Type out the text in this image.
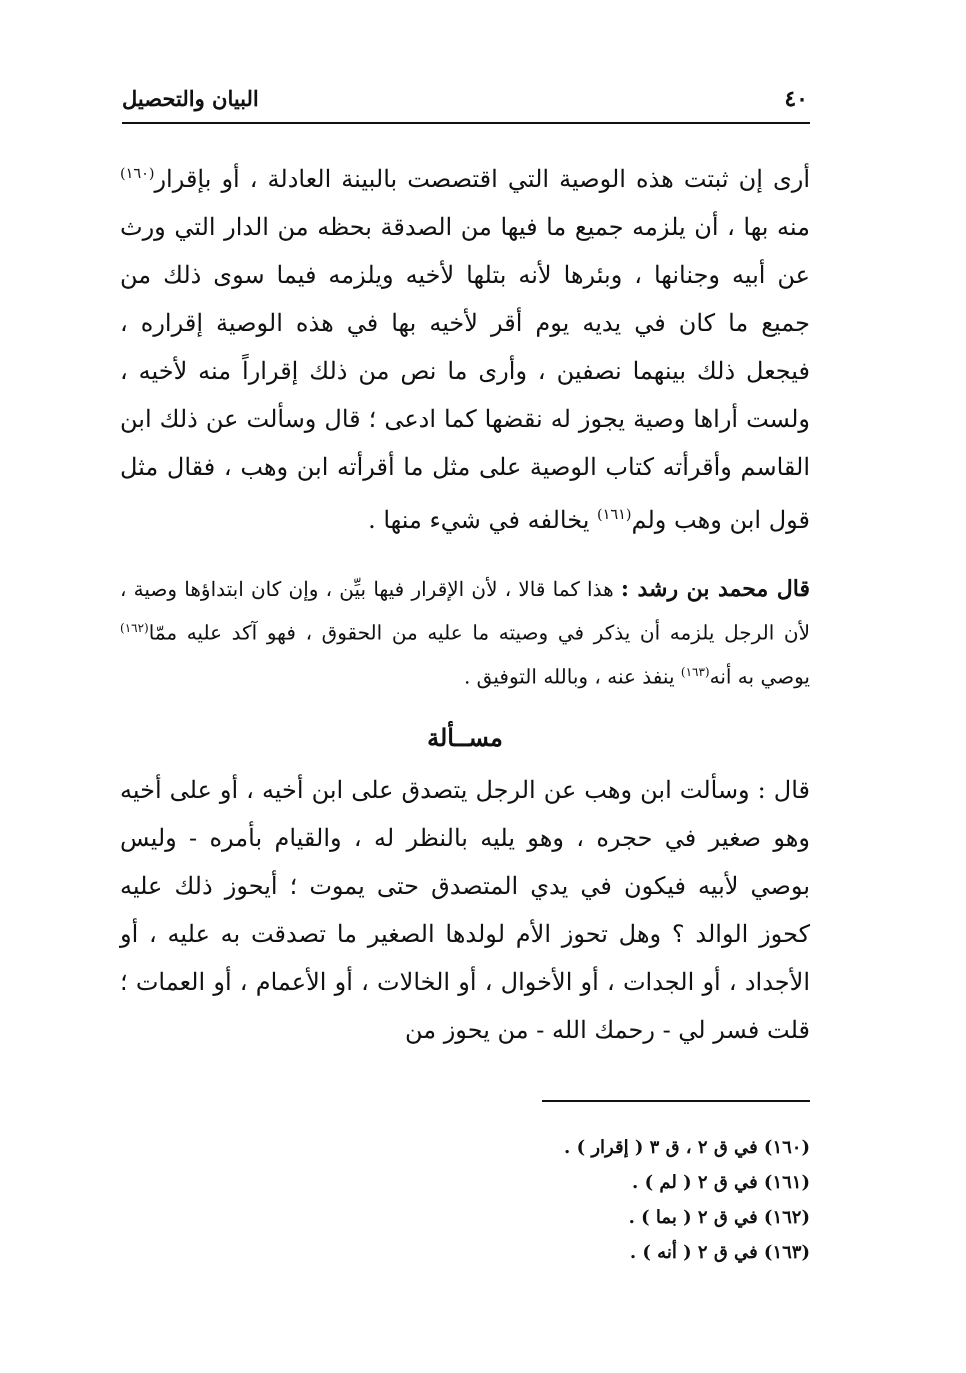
البيان والتحصيل	٤٠

أرى إن ثبتت هذه الوصية التي اقتصصت بالبينة العادلة ، أو بإقرار$^{(١٦٠)}$ منه بها ، أن يلزمه جميع ما فيها من الصدقة بحظه من الدار التي ورث عن أبيه وجنانها ، وبئرها لأنه بتلها لأخيه ويلزمه فيما سوى ذلك من جميع ما كان في يديه يوم أقر لأخيه بها في هذه الوصية إقراره ، فيجعل ذلك بينهما نصفين ، وأرى ما نص من ذلك إقراراً منه لأخيه ، ولست أراها وصية يجوز له نقضها كما ادعى ؛ قال وسألت عن ذلك ابن القاسم وأقرأته كتاب الوصية على مثل ما أقرأته ابن وهب ، فقال مثل قول ابن وهب ولم$^{(١٦١)}$ يخالفه في شيء منها .

قال محمد بن رشد : هذا كما قالا ، لأن الإقرار فيها بيِّن ، وإن كان ابتداؤها وصية ، لأن الرجل يلزمه أن يذكر في وصيته ما عليه من الحقوق ، فهو آكد عليه ممّا$^{(١٦٢)}$ يوصي به أنه$^{(١٦٣)}$ ينفذ عنه ، وبالله التوفيق .

مســألة

قال : وسألت ابن وهب عن الرجل يتصدق على ابن أخيه ، أو على أخيه وهو صغير في حجره ، وهو يليه بالنظر له ، والقيام بأمره - وليس بوصي لأبيه فيكون في يدي المتصدق حتى يموت ؛ أيحوز ذلك عليه كحوز الوالد ؟ وهل تحوز الأم لولدها الصغير ما تصدقت به عليه ، أو الأجداد ، أو الجدات ، أو الأخوال ، أو الخالات ، أو الأعمام ، أو العمات ؛ قلت فسر لي - رحمك الله - من يحوز من

(١٦٠) في ق ٢ ، ق ٣ ( إقرار ) .
(١٦١) في ق ٢ ( لم ) .
(١٦٢) في ق ٢ ( بما ) .
(١٦٣) في ق ٢ ( أنه ) .
